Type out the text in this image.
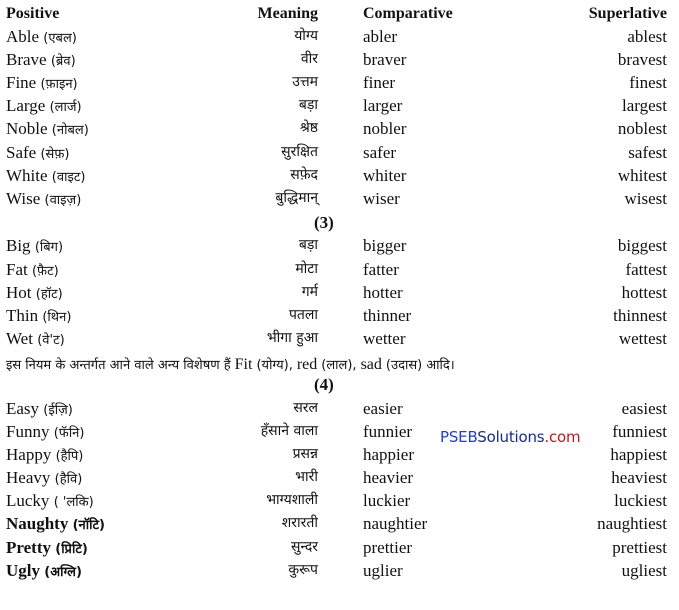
Positive	Meaning	Comparative	Superlative
Able (एबल)	योग्य	abler	ablest
Brave (ब्रेव)	वीर	braver	bravest
Fine (फ़ाइन)	उत्तम	finer	finest
Large (लार्ज)	बड़ा	larger	largest
Noble (नोबल)	श्रेष्ठ	nobler	noblest
Safe (सेफ़)	सुरक्षित	safer	safest
White (वाइट)	सफ़ेद	whiter	whitest
Wise (वाइज़)	बुद्धिमान्	wiser	wisest
(3)
Big (बिग)	बड़ा	bigger	biggest
Fat (फ़ैट)	मोटा	fatter	fattest
Hot (हॉट)	गर्म	hotter	hottest
Thin (थिन)	पतला	thinner	thinnest
Wet (वे'ट)	भीगा हुआ	wetter	wettest
इस नियम के अन्तर्गत आने वाले अन्य विशेषण हैं Fit (योग्य), red (लाल), sad (उदास) आदि।
(4)
Easy (ईज़ि)	सरल	easier	easiest
Funny (फॅनि)	हँसाने वाला	funnier	funniest
Happy (हैपि)	प्रसन्न	happier	happiest
Heavy (हैवि)	भारी	heavier	heaviest
Lucky ( 'लकि)	भाग्यशाली	luckier	luckiest
Naughty (नॉटि)	शरारती	naughtier	naughtiest
Pretty (प्रिटि)	सुन्दर	prettier	prettiest
Ugly (अग्लि)	कुरूप	uglier	ugliest
PSEBSolutions.com
